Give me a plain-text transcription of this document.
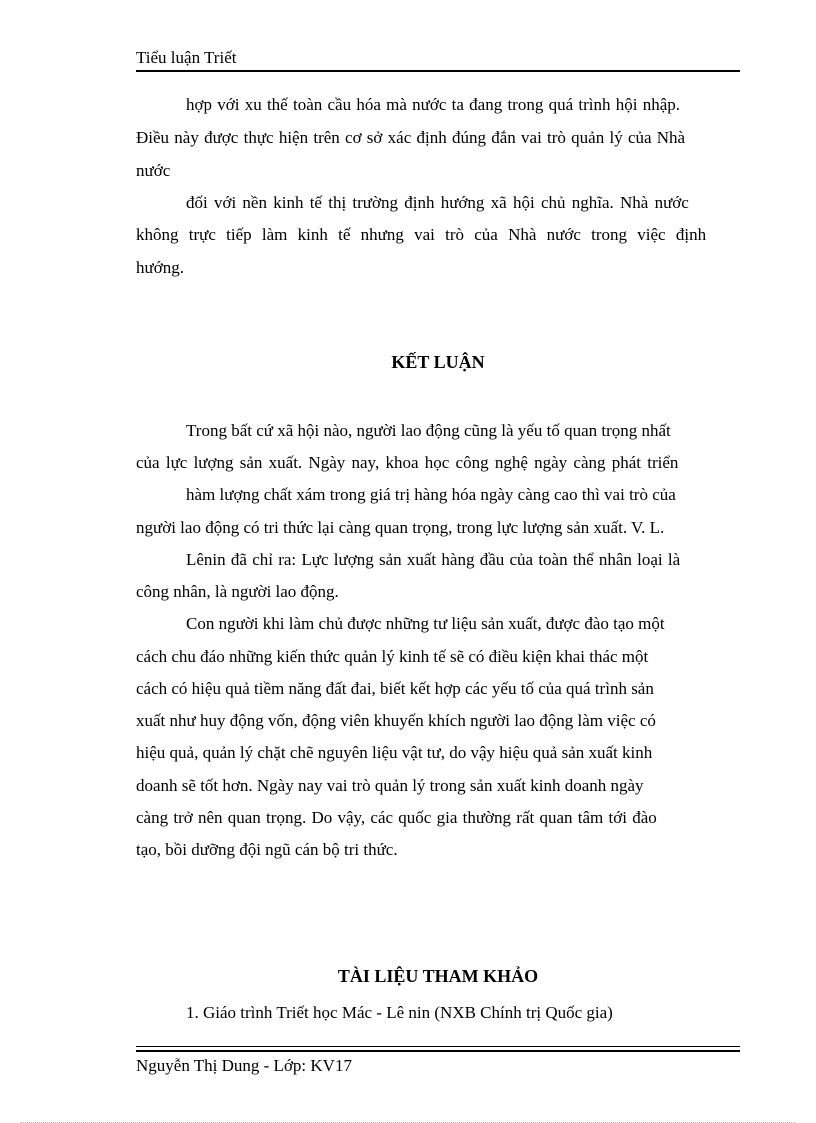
Tiểu luận Triết
hợp với xu thế toàn cầu hóa mà nước ta đang trong quá trình hội nhập.
Điều này được thực hiện trên cơ sở xác định đúng đắn vai trò quản lý của Nhà
nước
đối với nền kinh tế thị trường định hướng xã hội chủ nghĩa. Nhà nước
không trực tiếp làm kinh tế nhưng vai trò của Nhà nước trong việc định
hướng.
KẾT LUẬN
Trong bất cứ xã hội nào, người lao động cũng là yếu tố quan trọng nhất
của lực lượng sản xuất. Ngày nay, khoa học công nghệ ngày càng phát triển
hàm lượng chất xám trong giá trị hàng hóa ngày càng cao thì vai trò của
người lao động có tri thức lại càng quan trọng, trong lực lượng sản xuất. V. L.
Lênin đã chỉ ra: Lực lượng sản xuất hàng đầu của toàn thể nhân loại là
công nhân, là người lao động.
Con người khi làm chủ được những tư liệu sản xuất, được đào tạo một
cách chu đáo những kiến thức quản lý kinh tế sẽ có điều kiện khai thác một
cách có hiệu quả tiềm năng đất đai, biết kết hợp các yếu tố của quá trình sản
xuất như huy động vốn, động viên khuyến khích người lao động làm việc có
hiệu quả, quản lý chặt chẽ nguyên liệu vật tư, do vậy hiệu quả sản xuất kinh
doanh sẽ tốt hơn. Ngày nay vai trò quản lý trong sản xuất kinh doanh ngày
càng trở nên quan trọng. Do vậy, các quốc gia thường rất quan tâm tới đào
tạo, bồi dưỡng đội ngũ cán bộ tri thức.
TÀI LIỆU THAM KHẢO
1. Giáo trình Triết học Mác - Lê nin (NXB Chính trị Quốc gia)
Nguyễn Thị Dung - Lớp: KV17
